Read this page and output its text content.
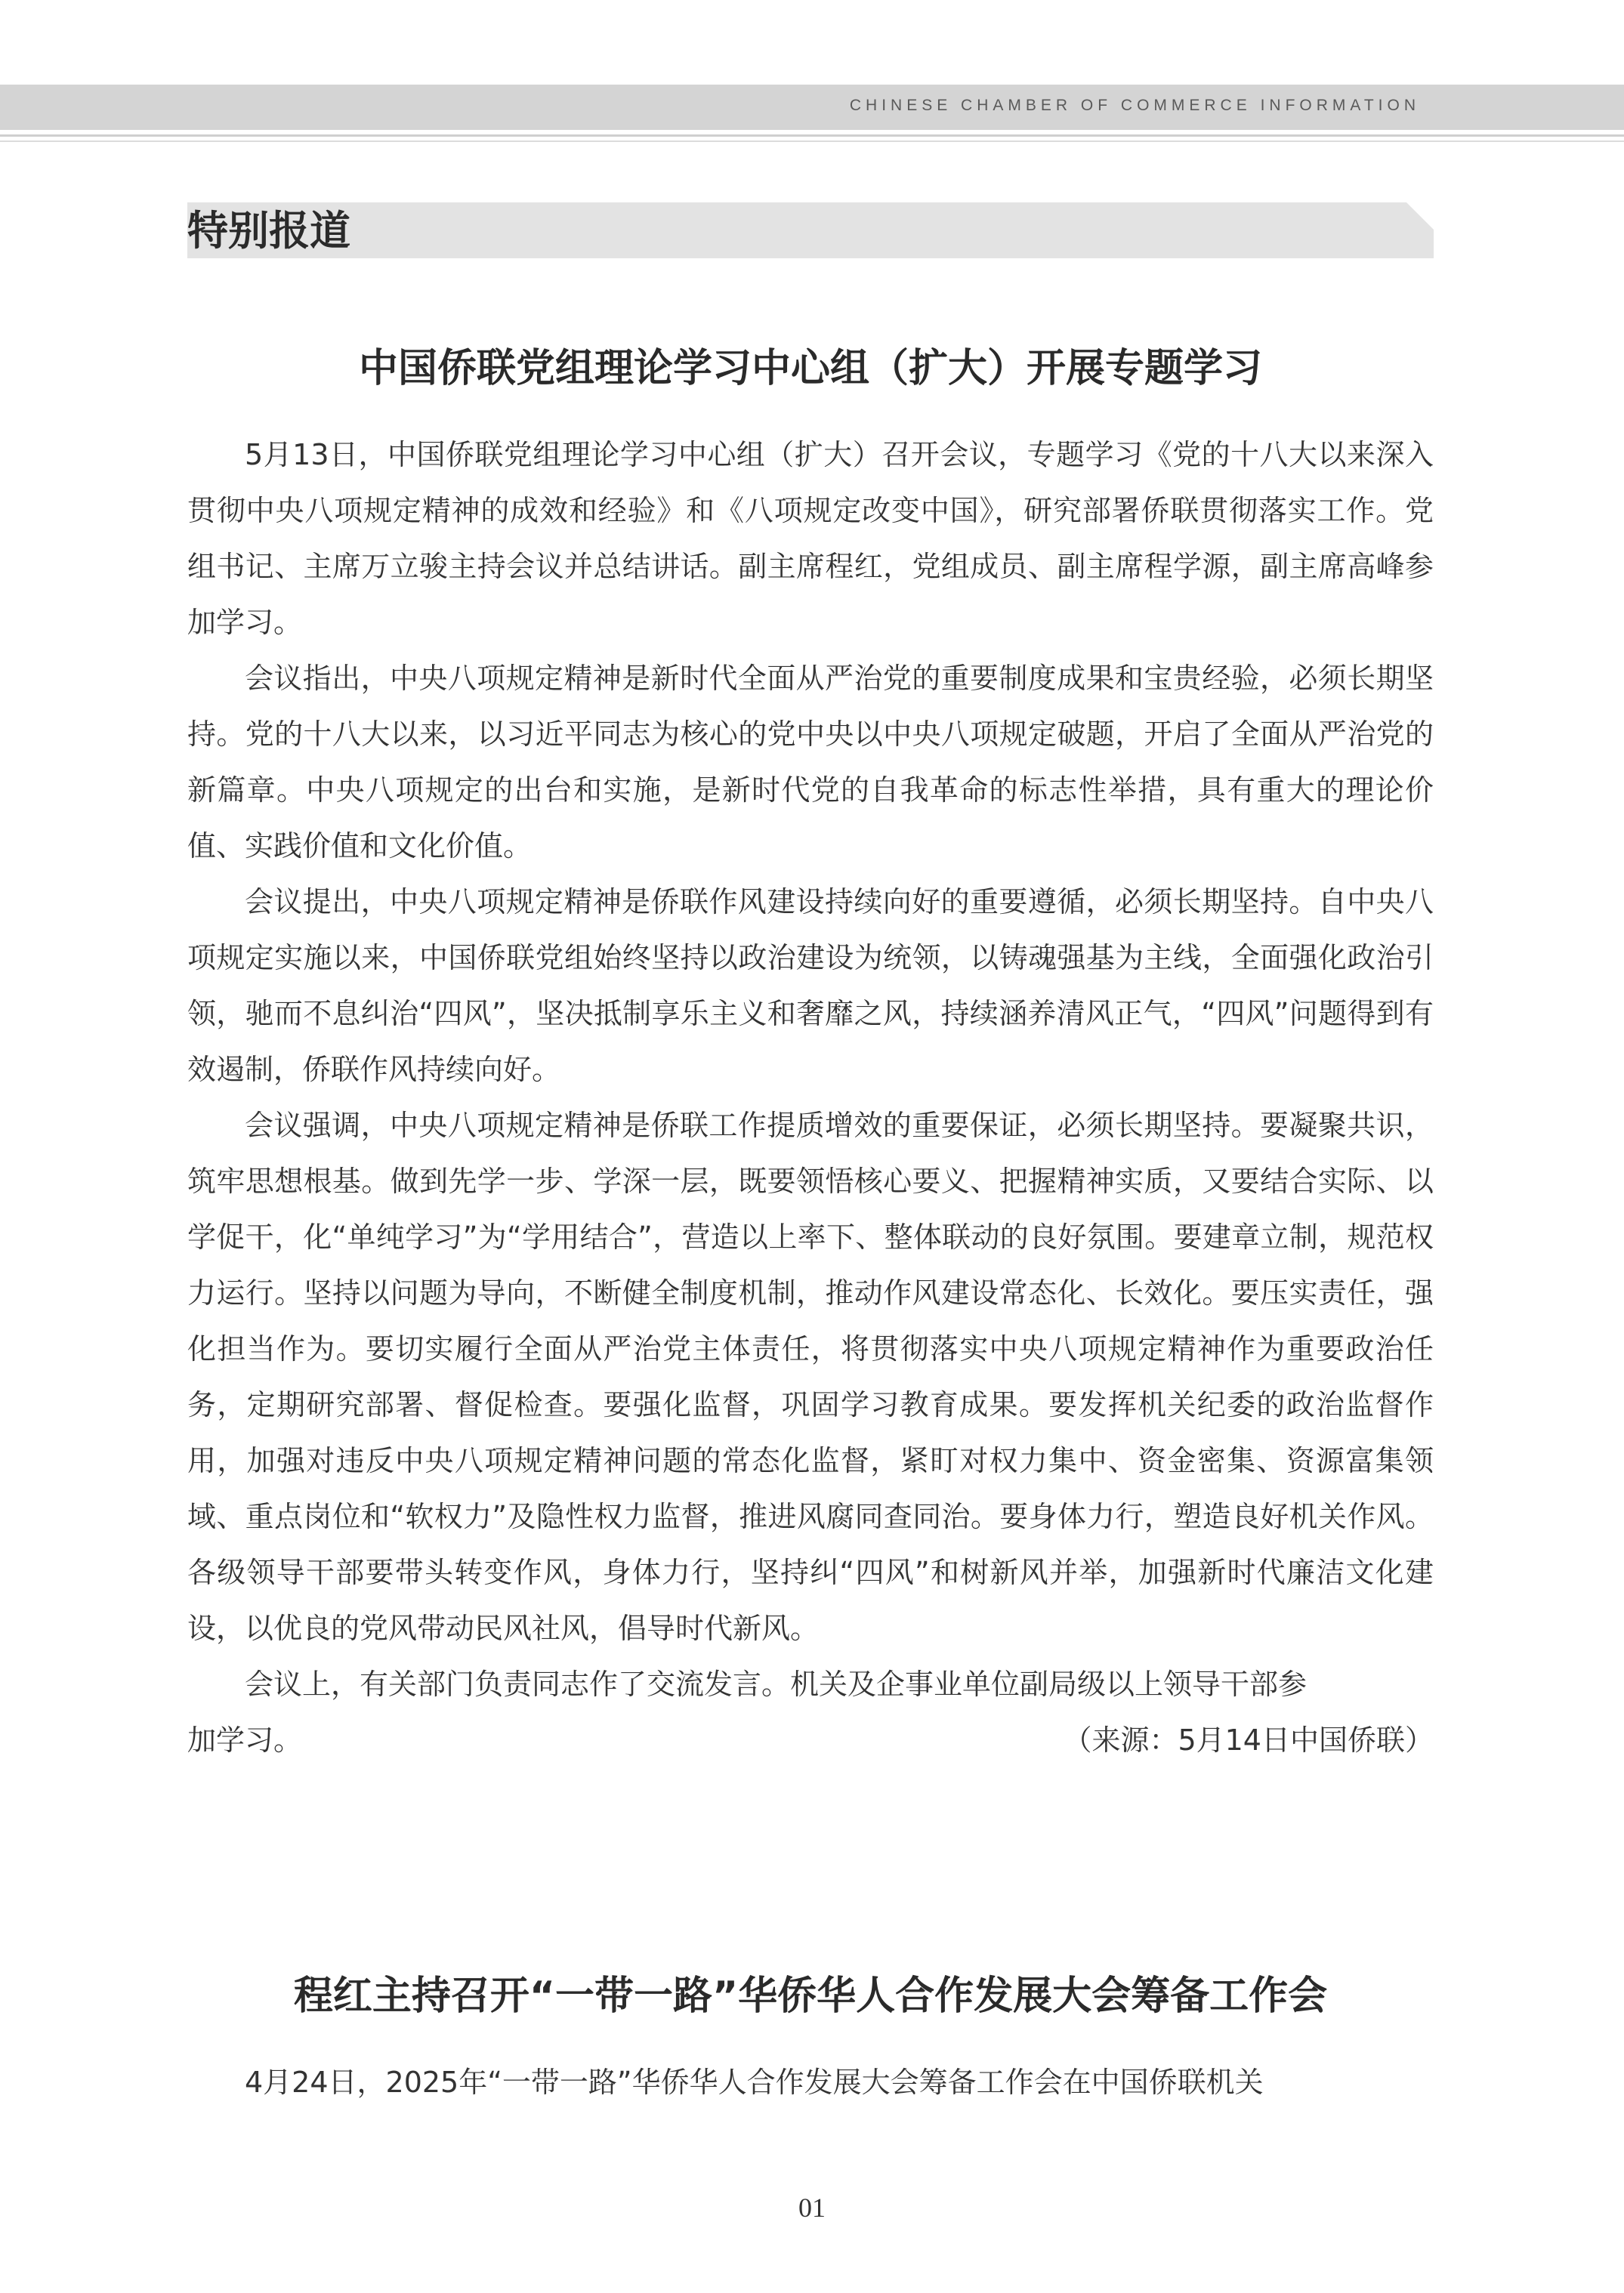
CHINESE CHAMBER OF COMMERCE INFORMATION
特别报道
中国侨联党组理论学习中心组（扩大）开展专题学习

5月13日，中国侨联党组理论学习中心组（扩大）召开会议，专题学习《党的十八大以来深入贯彻中央八项规定精神的成效和经验》和《八项规定改变中国》，研究部署侨联贯彻落实工作。党组书记、主席万立骏主持会议并总结讲话。副主席程红，党组成员、副主席程学源，副主席高峰参加学习。

会议指出，中央八项规定精神是新时代全面从严治党的重要制度成果和宝贵经验，必须长期坚持。党的十八大以来，以习近平同志为核心的党中央以中央八项规定破题，开启了全面从严治党的新篇章。中央八项规定的出台和实施，是新时代党的自我革命的标志性举措，具有重大的理论价值、实践价值和文化价值。

会议提出，中央八项规定精神是侨联作风建设持续向好的重要遵循，必须长期坚持。自中央八项规定实施以来，中国侨联党组始终坚持以政治建设为统领，以铸魂强基为主线，全面强化政治引领，驰而不息纠治“四风”，坚决抵制享乐主义和奢靡之风，持续涵养清风正气，“四风”问题得到有效遏制，侨联作风持续向好。

会议强调，中央八项规定精神是侨联工作提质增效的重要保证，必须长期坚持。要凝聚共识，筑牢思想根基。做到先学一步、学深一层，既要领悟核心要义、把握精神实质，又要结合实际、以学促干，化“单纯学习”为“学用结合”，营造以上率下、整体联动的良好氛围。要建章立制，规范权力运行。坚持以问题为导向，不断健全制度机制，推动作风建设常态化、长效化。要压实责任，强化担当作为。要切实履行全面从严治党主体责任，将贯彻落实中央八项规定精神作为重要政治任务，定期研究部署、督促检查。要强化监督，巩固学习教育成果。要发挥机关纪委的政治监督作用，加强对违反中央八项规定精神问题的常态化监督，紧盯对权力集中、资金密集、资源富集领域、重点岗位和“软权力”及隐性权力监督，推进风腐同查同治。要身体力行，塑造良好机关作风。各级领导干部要带头转变作风，身体力行，坚持纠“四风”和树新风并举，加强新时代廉洁文化建设，以优良的党风带动民风社风，倡导时代新风。

会议上，有关部门负责同志作了交流发言。机关及企事业单位副局级以上领导干部参

加学习。	（来源：5月14日中国侨联）
程红主持召开“一带一路”华侨华人合作发展大会筹备工作会

4月24日，2025年“一带一路”华侨华人合作发展大会筹备工作会在中国侨联机关

01
